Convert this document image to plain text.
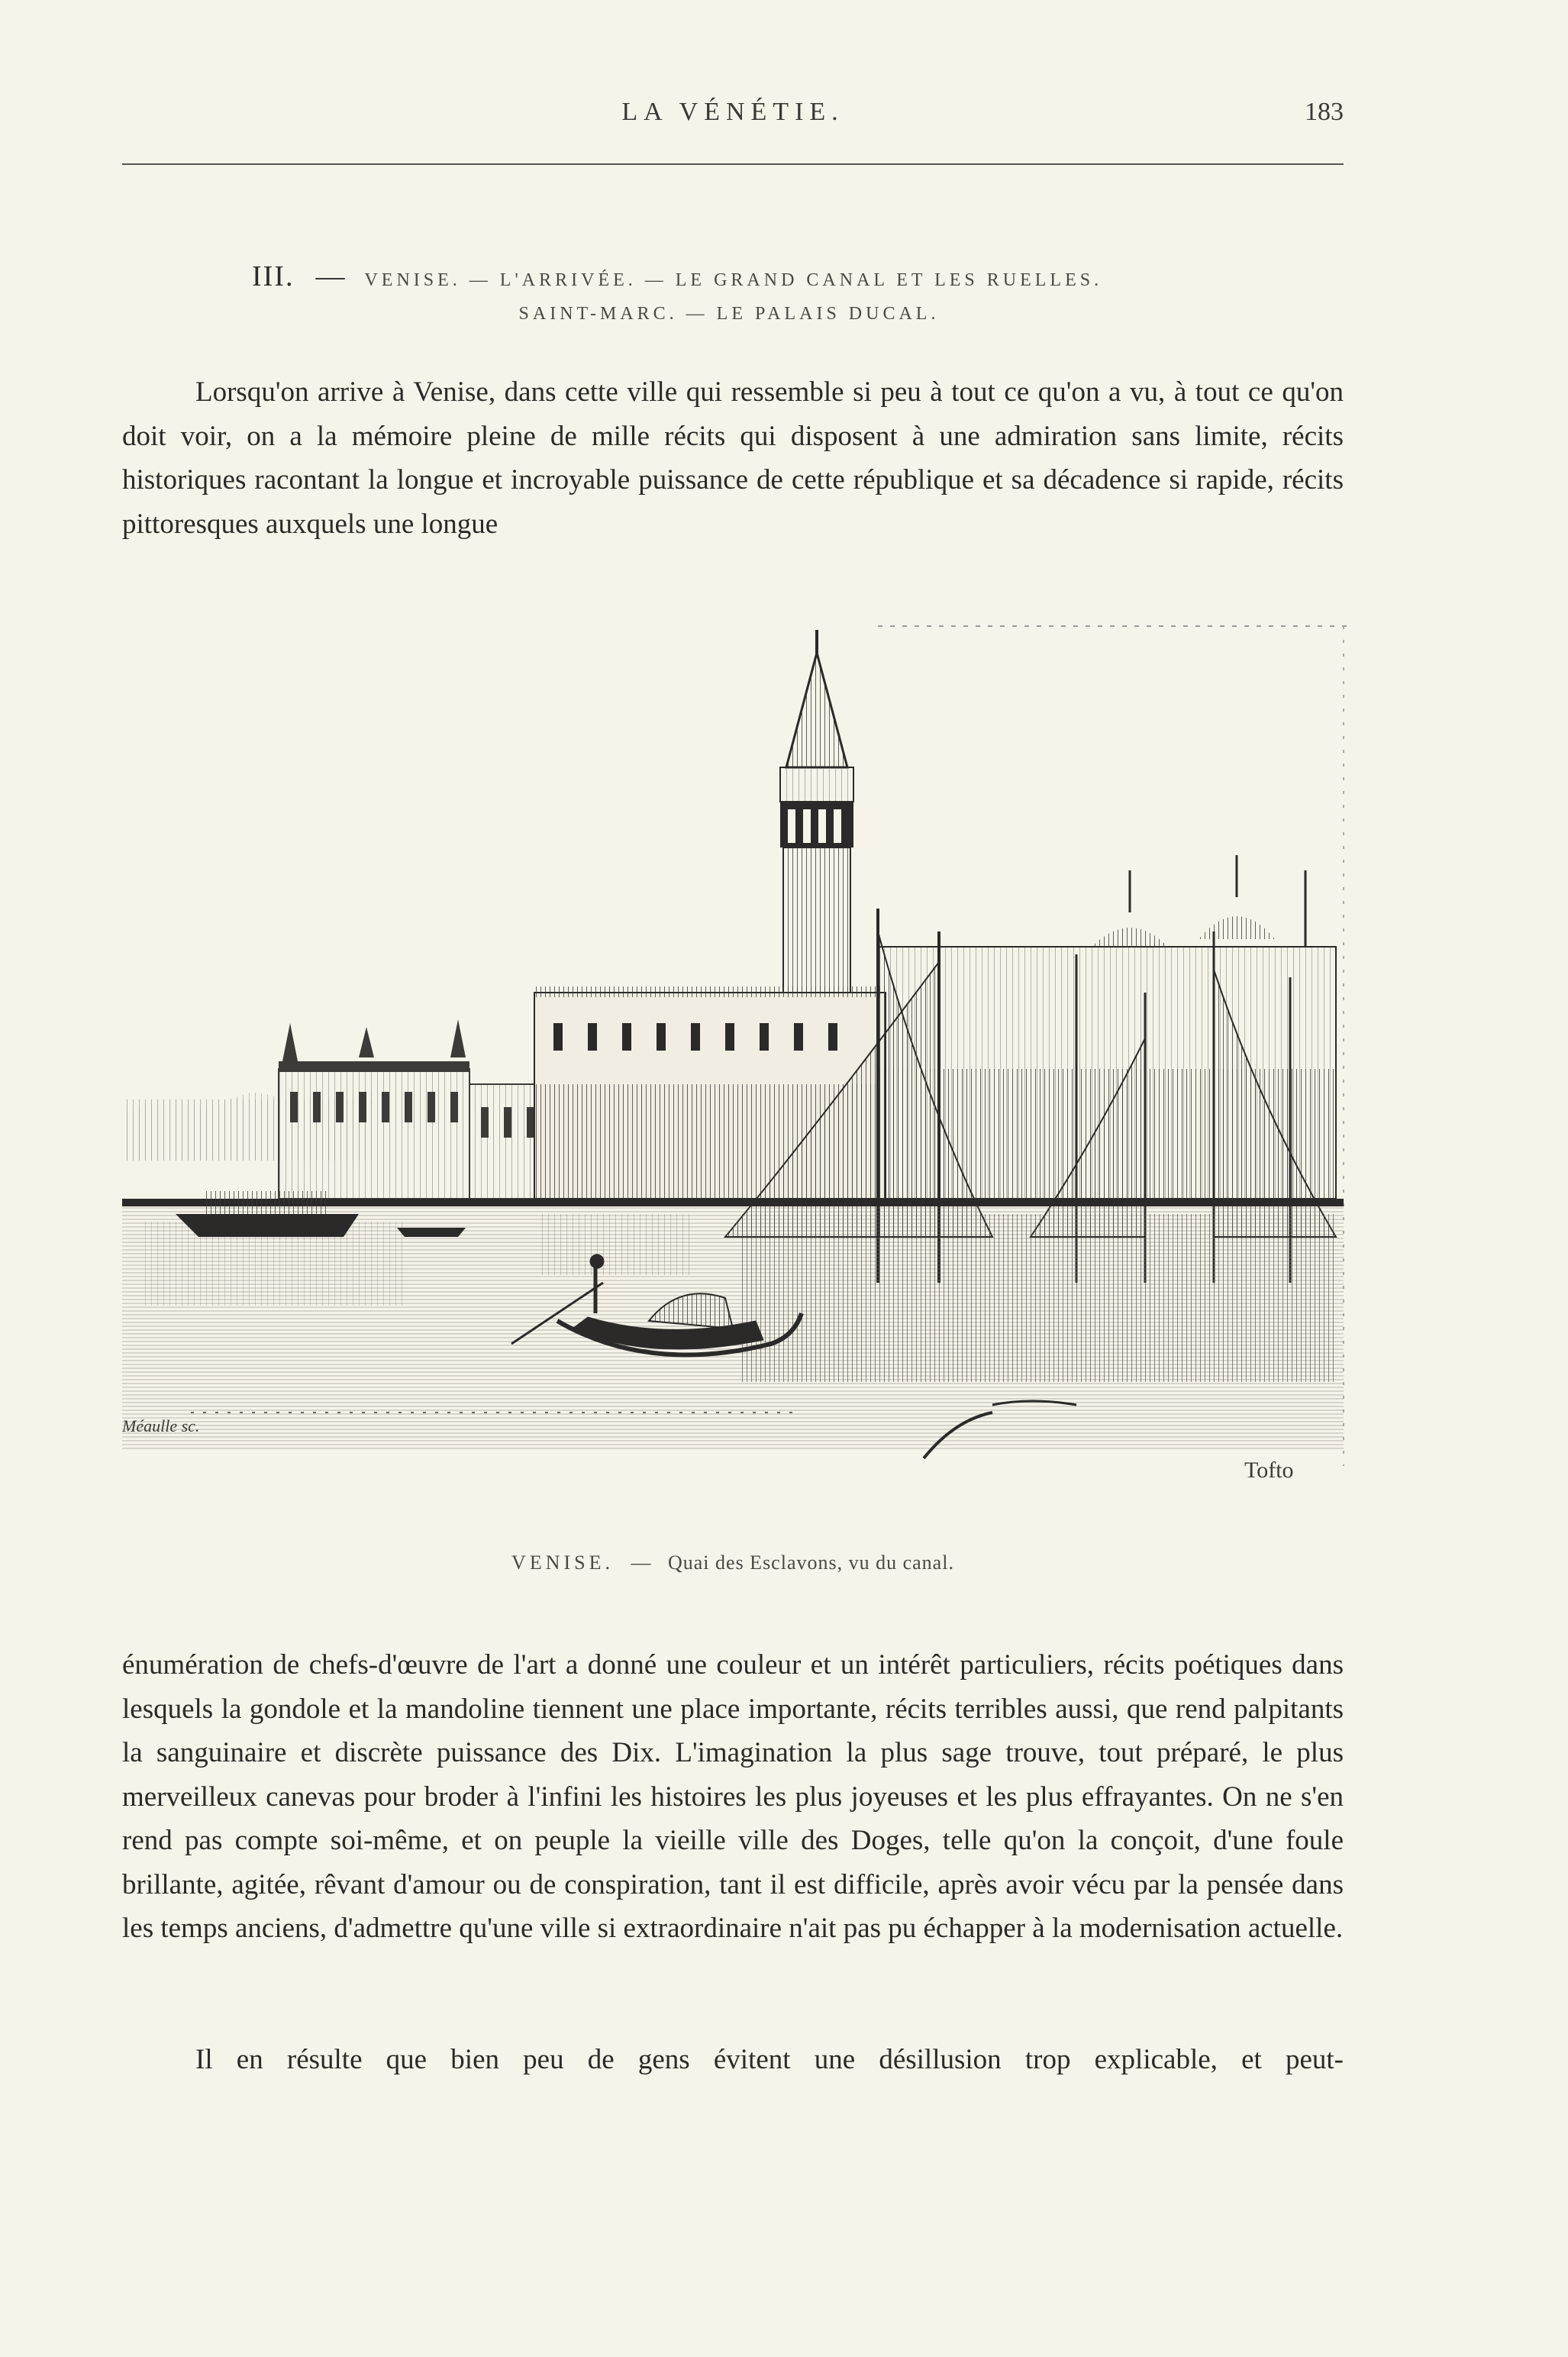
LA VÉNÉTIE.	183
III. — VENISE. — L'ARRIVÉE. — LE GRAND CANAL ET LES RUELLES.
SAINT-MARC. — LE PALAIS DUCAL.

Lorsqu'on arrive à Venise, dans cette ville qui ressemble si peu à tout ce qu'on a vu, à tout ce qu'on doit voir, on a la mémoire pleine de mille récits qui disposent à une admiration sans limite, récits historiques racontant la longue et incroyable puissance de cette république et sa décadence si rapide, récits pittoresques auxquels une longue

Méaulle sc.
Tofto
VENISE. — Quai des Esclavons, vu du canal.

énumération de chefs-d'œuvre de l'art a donné une couleur et un intérêt particuliers, récits poétiques dans lesquels la gondole et la mandoline tiennent une place importante, récits terribles aussi, que rend palpitants la sanguinaire et discrète puissance des Dix. L'imagination la plus sage trouve, tout préparé, le plus merveilleux canevas pour broder à l'infini les histoires les plus joyeuses et les plus effrayantes. On ne s'en rend pas compte soi-même, et on peuple la vieille ville des Doges, telle qu'on la conçoit, d'une foule brillante, agitée, rêvant d'amour ou de conspiration, tant il est difficile, après avoir vécu par la pensée dans les temps anciens, d'admettre qu'une ville si extraordinaire n'ait pas pu échapper à la modernisation actuelle.

Il en résulte que bien peu de gens évitent une désillusion trop explicable, et peut-
